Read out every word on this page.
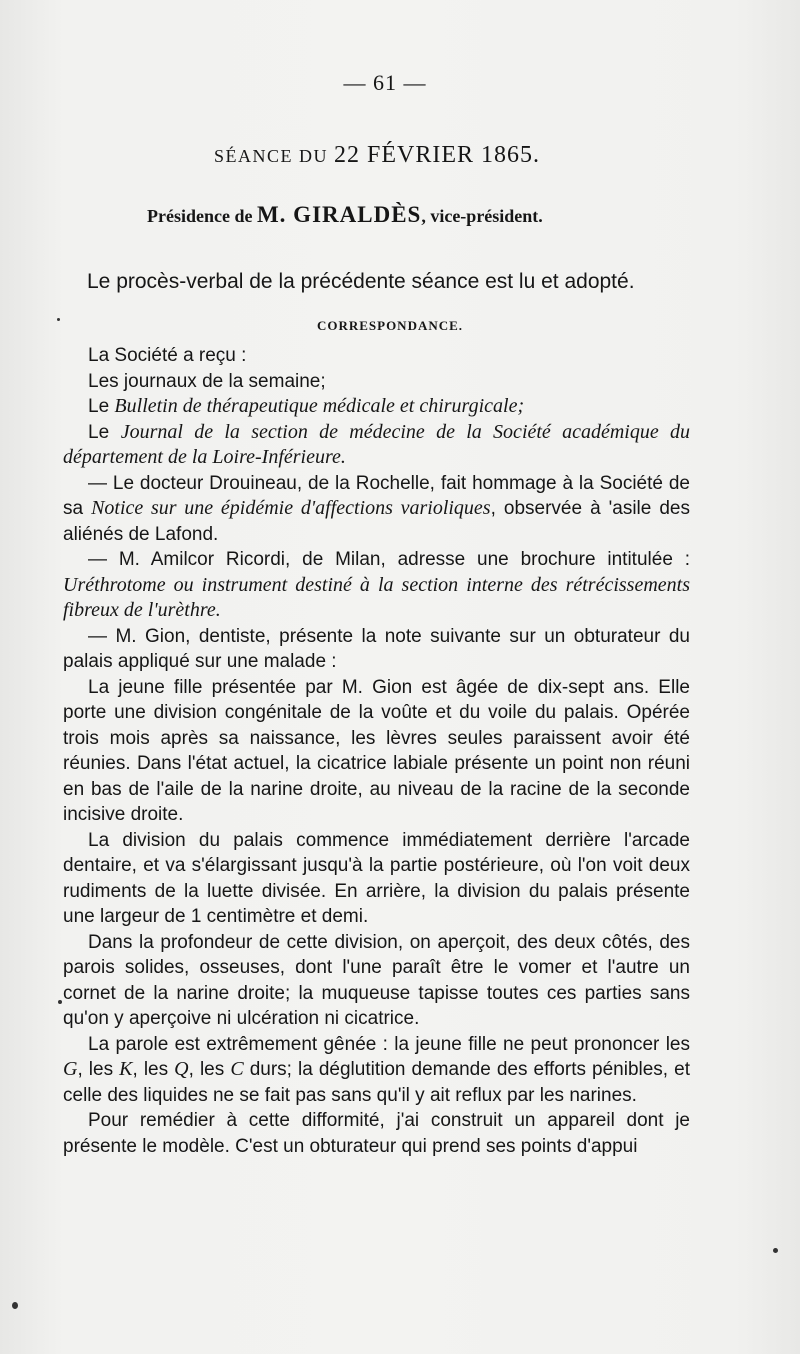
— 61 —
SÉANCE DU 22 FÉVRIER 1865.
Présidence de M. GIRALDÈS, vice-président.
Le procès-verbal de la précédente séance est lu et adopté.
CORRESPONDANCE.

La Société a reçu :

Les journaux de la semaine;

Le Bulletin de thérapeutique médicale et chirurgicale;

Le Journal de la section de médecine de la Société académique du département de la Loire-Inférieure.

— Le docteur Drouineau, de la Rochelle, fait hommage à la Société de sa Notice sur une épidémie d'affections varioliques, observée à 'asile des aliénés de Lafond.

— M. Amilcor Ricordi, de Milan, adresse une brochure intitulée : Uréthrotome ou instrument destiné à la section interne des rétrécissements fibreux de l'urèthre.

— M. Gion, dentiste, présente la note suivante sur un obturateur du palais appliqué sur une malade :

La jeune fille présentée par M. Gion est âgée de dix-sept ans. Elle porte une division congénitale de la voûte et du voile du palais. Opérée trois mois après sa naissance, les lèvres seules paraissent avoir été réunies. Dans l'état actuel, la cicatrice labiale présente un point non réuni en bas de l'aile de la narine droite, au niveau de la racine de la seconde incisive droite.

La division du palais commence immédiatement derrière l'arcade dentaire, et va s'élargissant jusqu'à la partie postérieure, où l'on voit deux rudiments de la luette divisée. En arrière, la division du palais présente une largeur de 1 centimètre et demi.

Dans la profondeur de cette division, on aperçoit, des deux côtés, des parois solides, osseuses, dont l'une paraît être le vomer et l'autre un cornet de la narine droite; la muqueuse tapisse toutes ces parties sans qu'on y aperçoive ni ulcération ni cicatrice.

La parole est extrêmement gênée : la jeune fille ne peut prononcer les G, les K, les Q, les C durs; la déglutition demande des efforts pénibles, et celle des liquides ne se fait pas sans qu'il y ait reflux par les narines.

Pour remédier à cette difformité, j'ai construit un appareil dont je présente le modèle. C'est un obturateur qui prend ses points d'appui
